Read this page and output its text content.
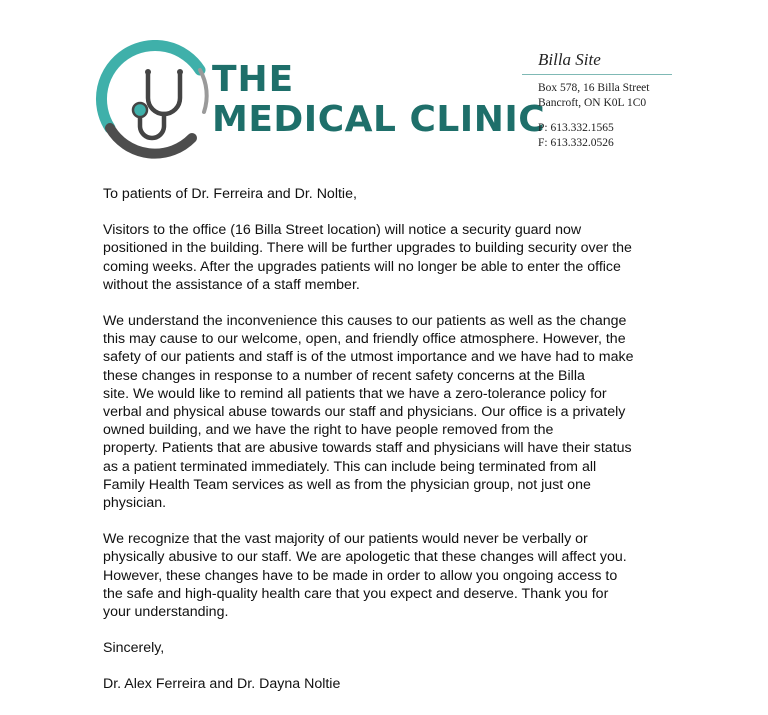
THE
MEDICAL CLINIC
Billa Site
Box 578, 16 Billa Street
Bancroft, ON K0L 1C0
P: 613.332.1565
F: 613.332.0526

To patients of Dr. Ferreira and Dr. Noltie,

Visitors to the office (16 Billa Street location) will notice a security guard now
positioned in the building. There will be further upgrades to building security over the
coming weeks. After the upgrades patients will no longer be able to enter the office
without the assistance of a staff member.

We understand the inconvenience this causes to our patients as well as the change
this may cause to our welcome, open, and friendly office atmosphere. However, the
safety of our patients and staff is of the utmost importance and we have had to make
these changes in response to a number of recent safety concerns at the Billa
site. We would like to remind all patients that we have a zero-tolerance policy for
verbal and physical abuse towards our staff and physicians. Our office is a privately
owned building, and we have the right to have people removed from the
property. Patients that are abusive towards staff and physicians will have their status
as a patient terminated immediately. This can include being terminated from all
Family Health Team services as well as from the physician group, not just one
physician.

We recognize that the vast majority of our patients would never be verbally or
physically abusive to our staff. We are apologetic that these changes will affect you.
However, these changes have to be made in order to allow you ongoing access to
the safe and high-quality health care that you expect and deserve. Thank you for
your understanding.

Sincerely,

Dr. Alex Ferreira and Dr. Dayna Noltie
